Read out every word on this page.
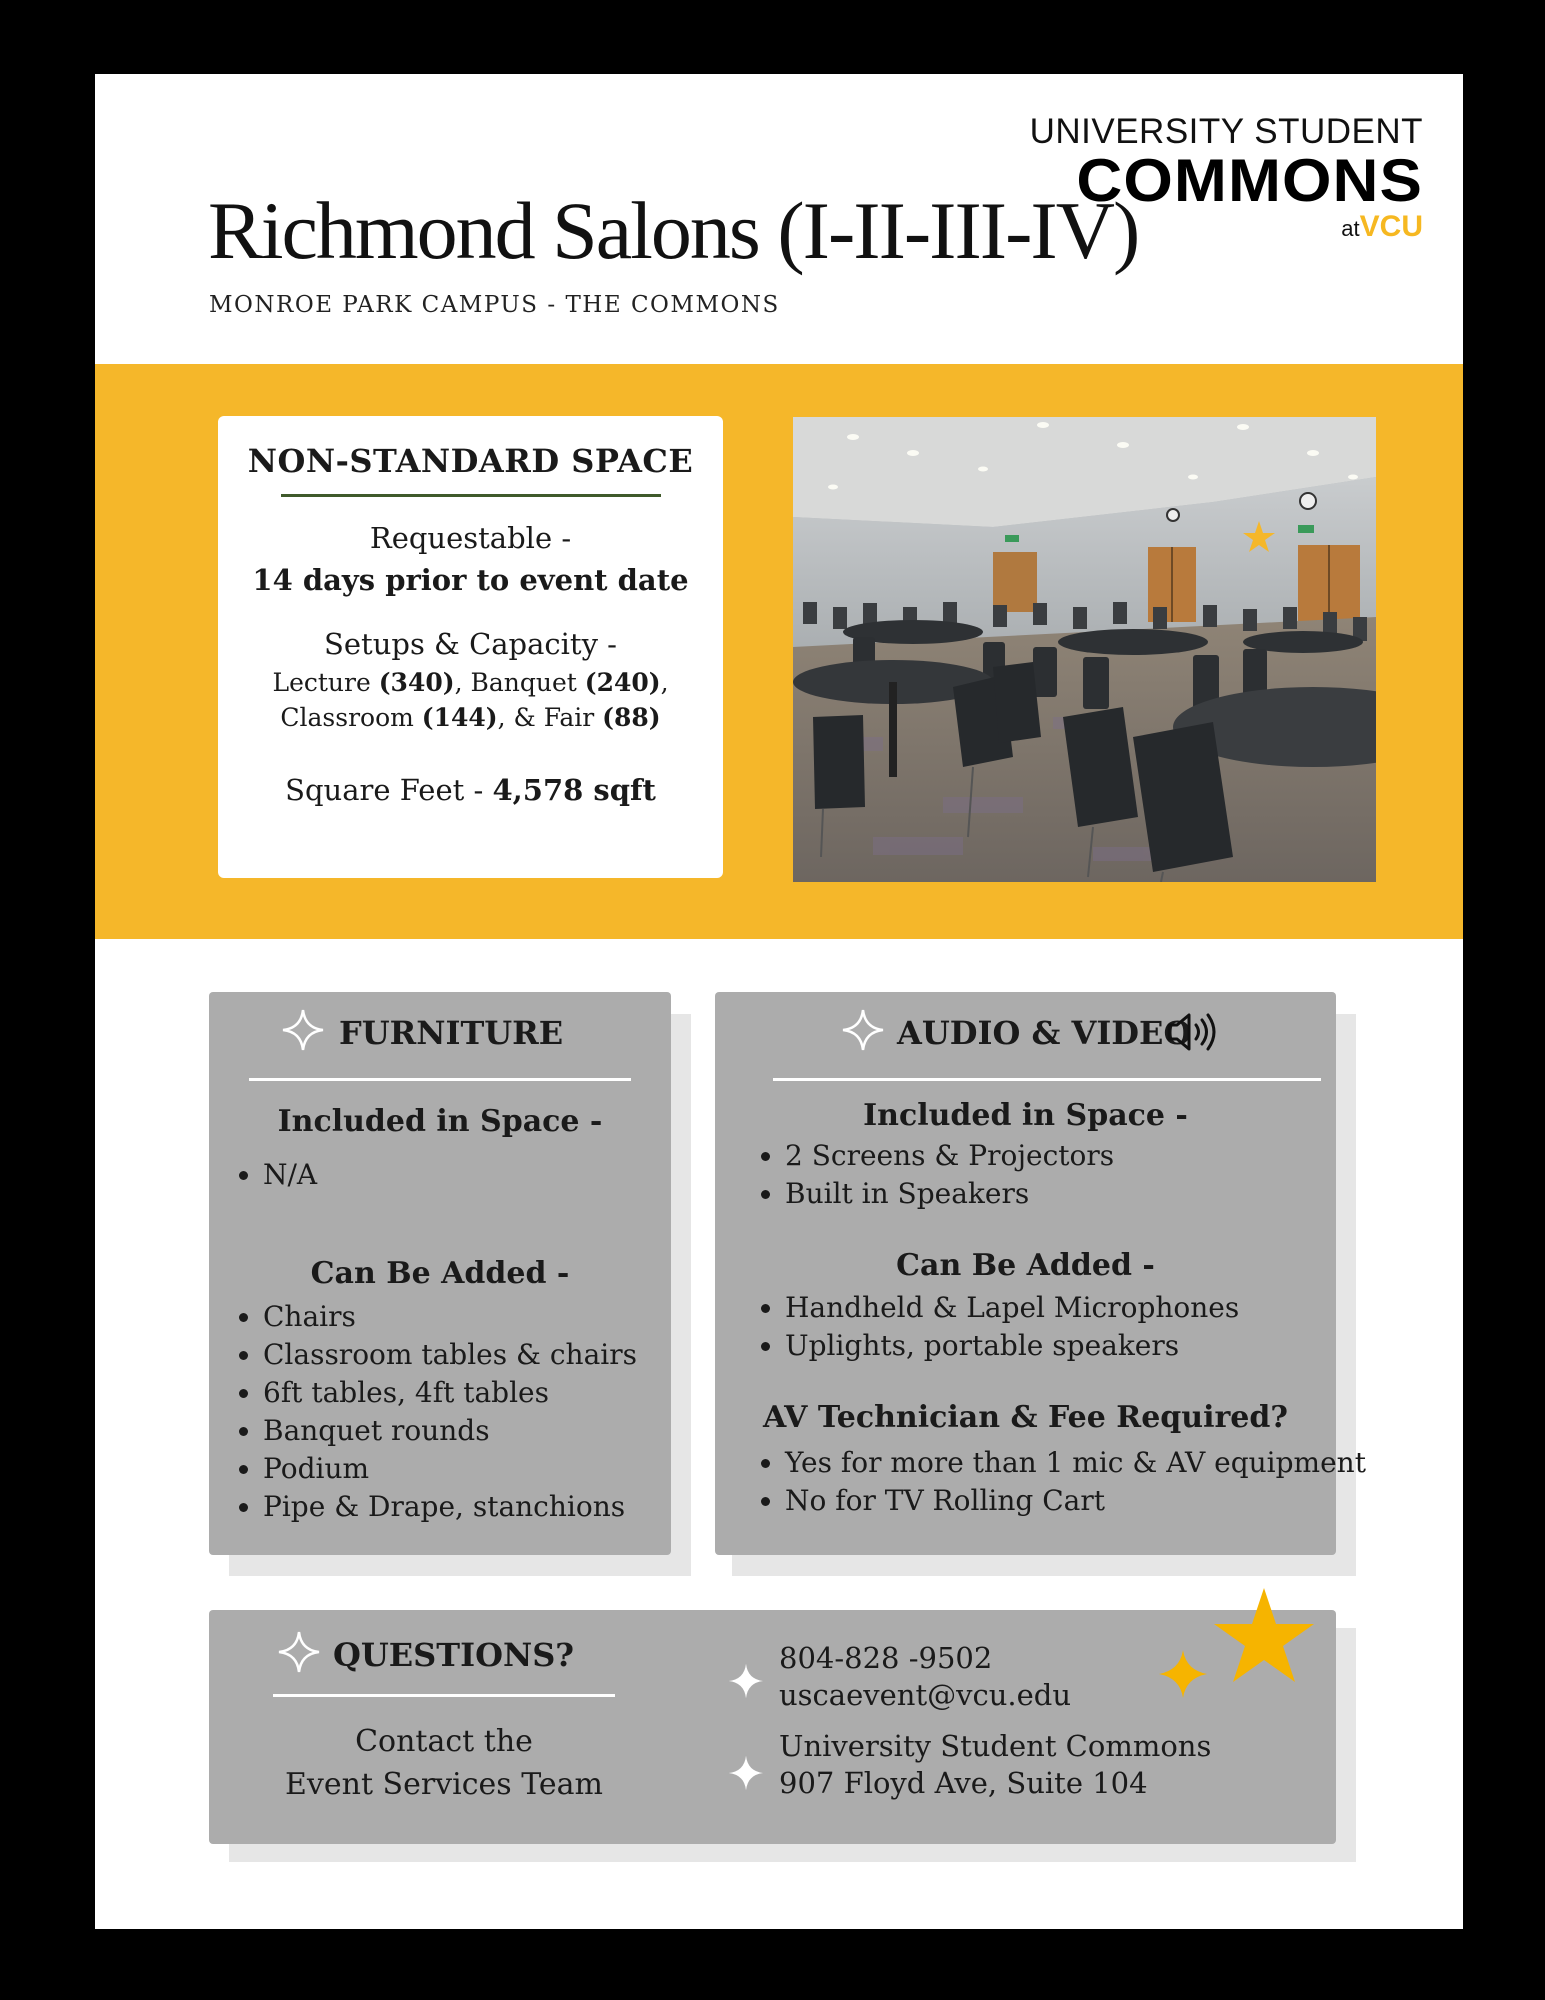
Richmond Salons (I-II-III-IV)
MONROE PARK CAMPUS - THE COMMONS
UNIVERSITY STUDENT
COMMONS
atVCU
NON-STANDARD SPACE
Requestable -
14 days prior to event date
Setups & Capacity -
Lecture (340), Banquet (240),
Classroom (144), & Fair (88)
Square Feet - 4,578 sqft
FURNITURE
Included in Space -
• N/A
Can Be Added -
• Chairs
• Classroom tables & chairs
• 6ft tables, 4ft tables
• Banquet rounds
• Podium
• Pipe & Drape, stanchions
AUDIO & VIDEO
Included in Space -
• 2 Screens & Projectors
• Built in Speakers
Can Be Added -
• Handheld & Lapel Microphones
• Uplights, portable speakers
AV Technician & Fee Required?
• Yes for more than 1 mic & AV equipment
• No for TV Rolling Cart
QUESTIONS?
Contact the
Event Services Team
804-828 -9502
uscaevent@vcu.edu
University Student Commons
907 Floyd Ave, Suite 104
